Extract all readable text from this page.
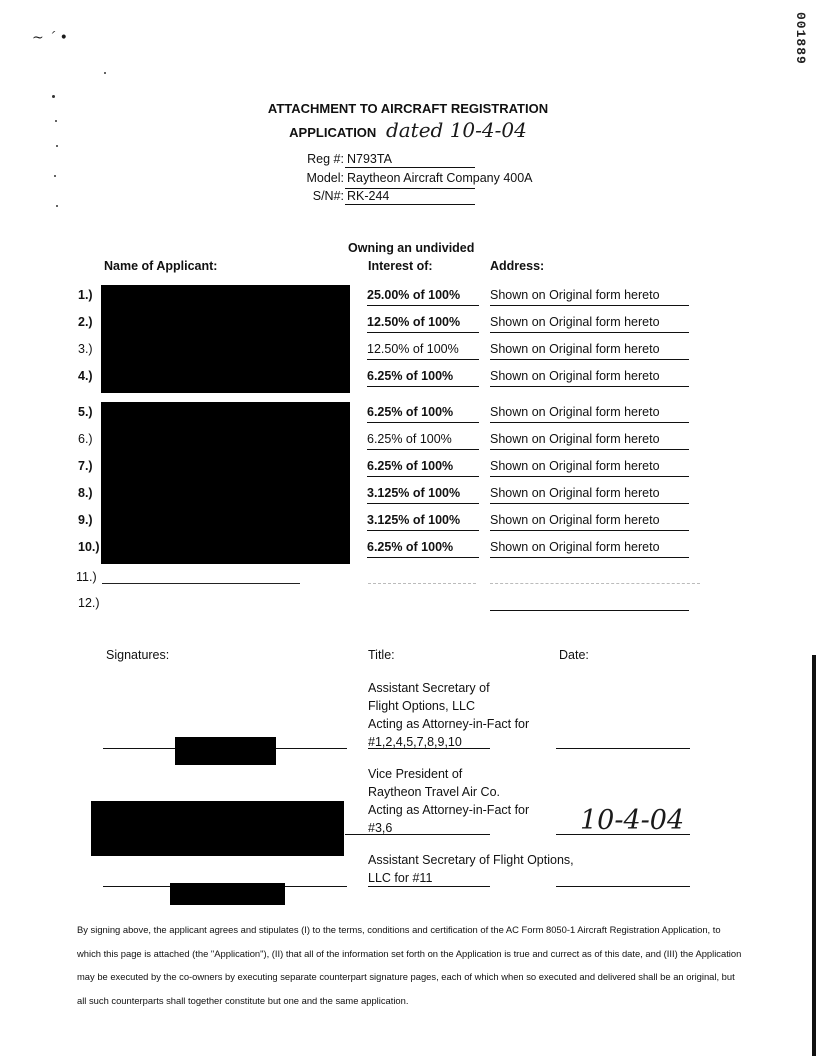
~ ´ •	001889
ATTACHMENT TO AIRCRAFT REGISTRATION
APPLICATION dated 10-4-04
Reg #: N793TA
Model: Raytheon Aircraft Company 400A
S/N#: RK-244
Name of Applicant:
Owning an undivided
Interest of:	Address:
1.)	25.00% of 100%	Shown on Original form hereto
2.)	12.50% of 100%	Shown on Original form hereto
3.)	12.50% of 100%	Shown on Original form hereto
4.)	6.25% of 100%	Shown on Original form hereto
5.)	6.25% of 100%	Shown on Original form hereto
6.)	6.25% of 100%	Shown on Original form hereto
7.)	6.25% of 100%	Shown on Original form hereto
8.)	3.125% of 100%	Shown on Original form hereto
9.)	3.125% of 100%	Shown on Original form hereto
10.)	6.25% of 100%	Shown on Original form hereto
11.)
12.)
Signatures:	Title:	Date:
Assistant Secretary of
Flight Options, LLC
Acting as Attorney-in-Fact for
#1,2,4,5,7,8,9,10
Vice President of
Raytheon Travel Air Co.
Acting as Attorney-in-Fact for
#3,6	10-4-04
Assistant Secretary of Flight Options,
LLC for #11
By signing above, the applicant agrees and stipulates (I) to the terms, conditions and certification of the AC Form 8050-1 Aircraft Registration Application, to which this page is attached (the "Application"), (II) that all of the information set forth on the Application is true and currect as of this date, and (III) the Application may be executed by the co-owners by executing separate counterpart signature pages, each of which when so executed and delivered shall be an original, but all such counterparts shall together constitute but one and the same application.
